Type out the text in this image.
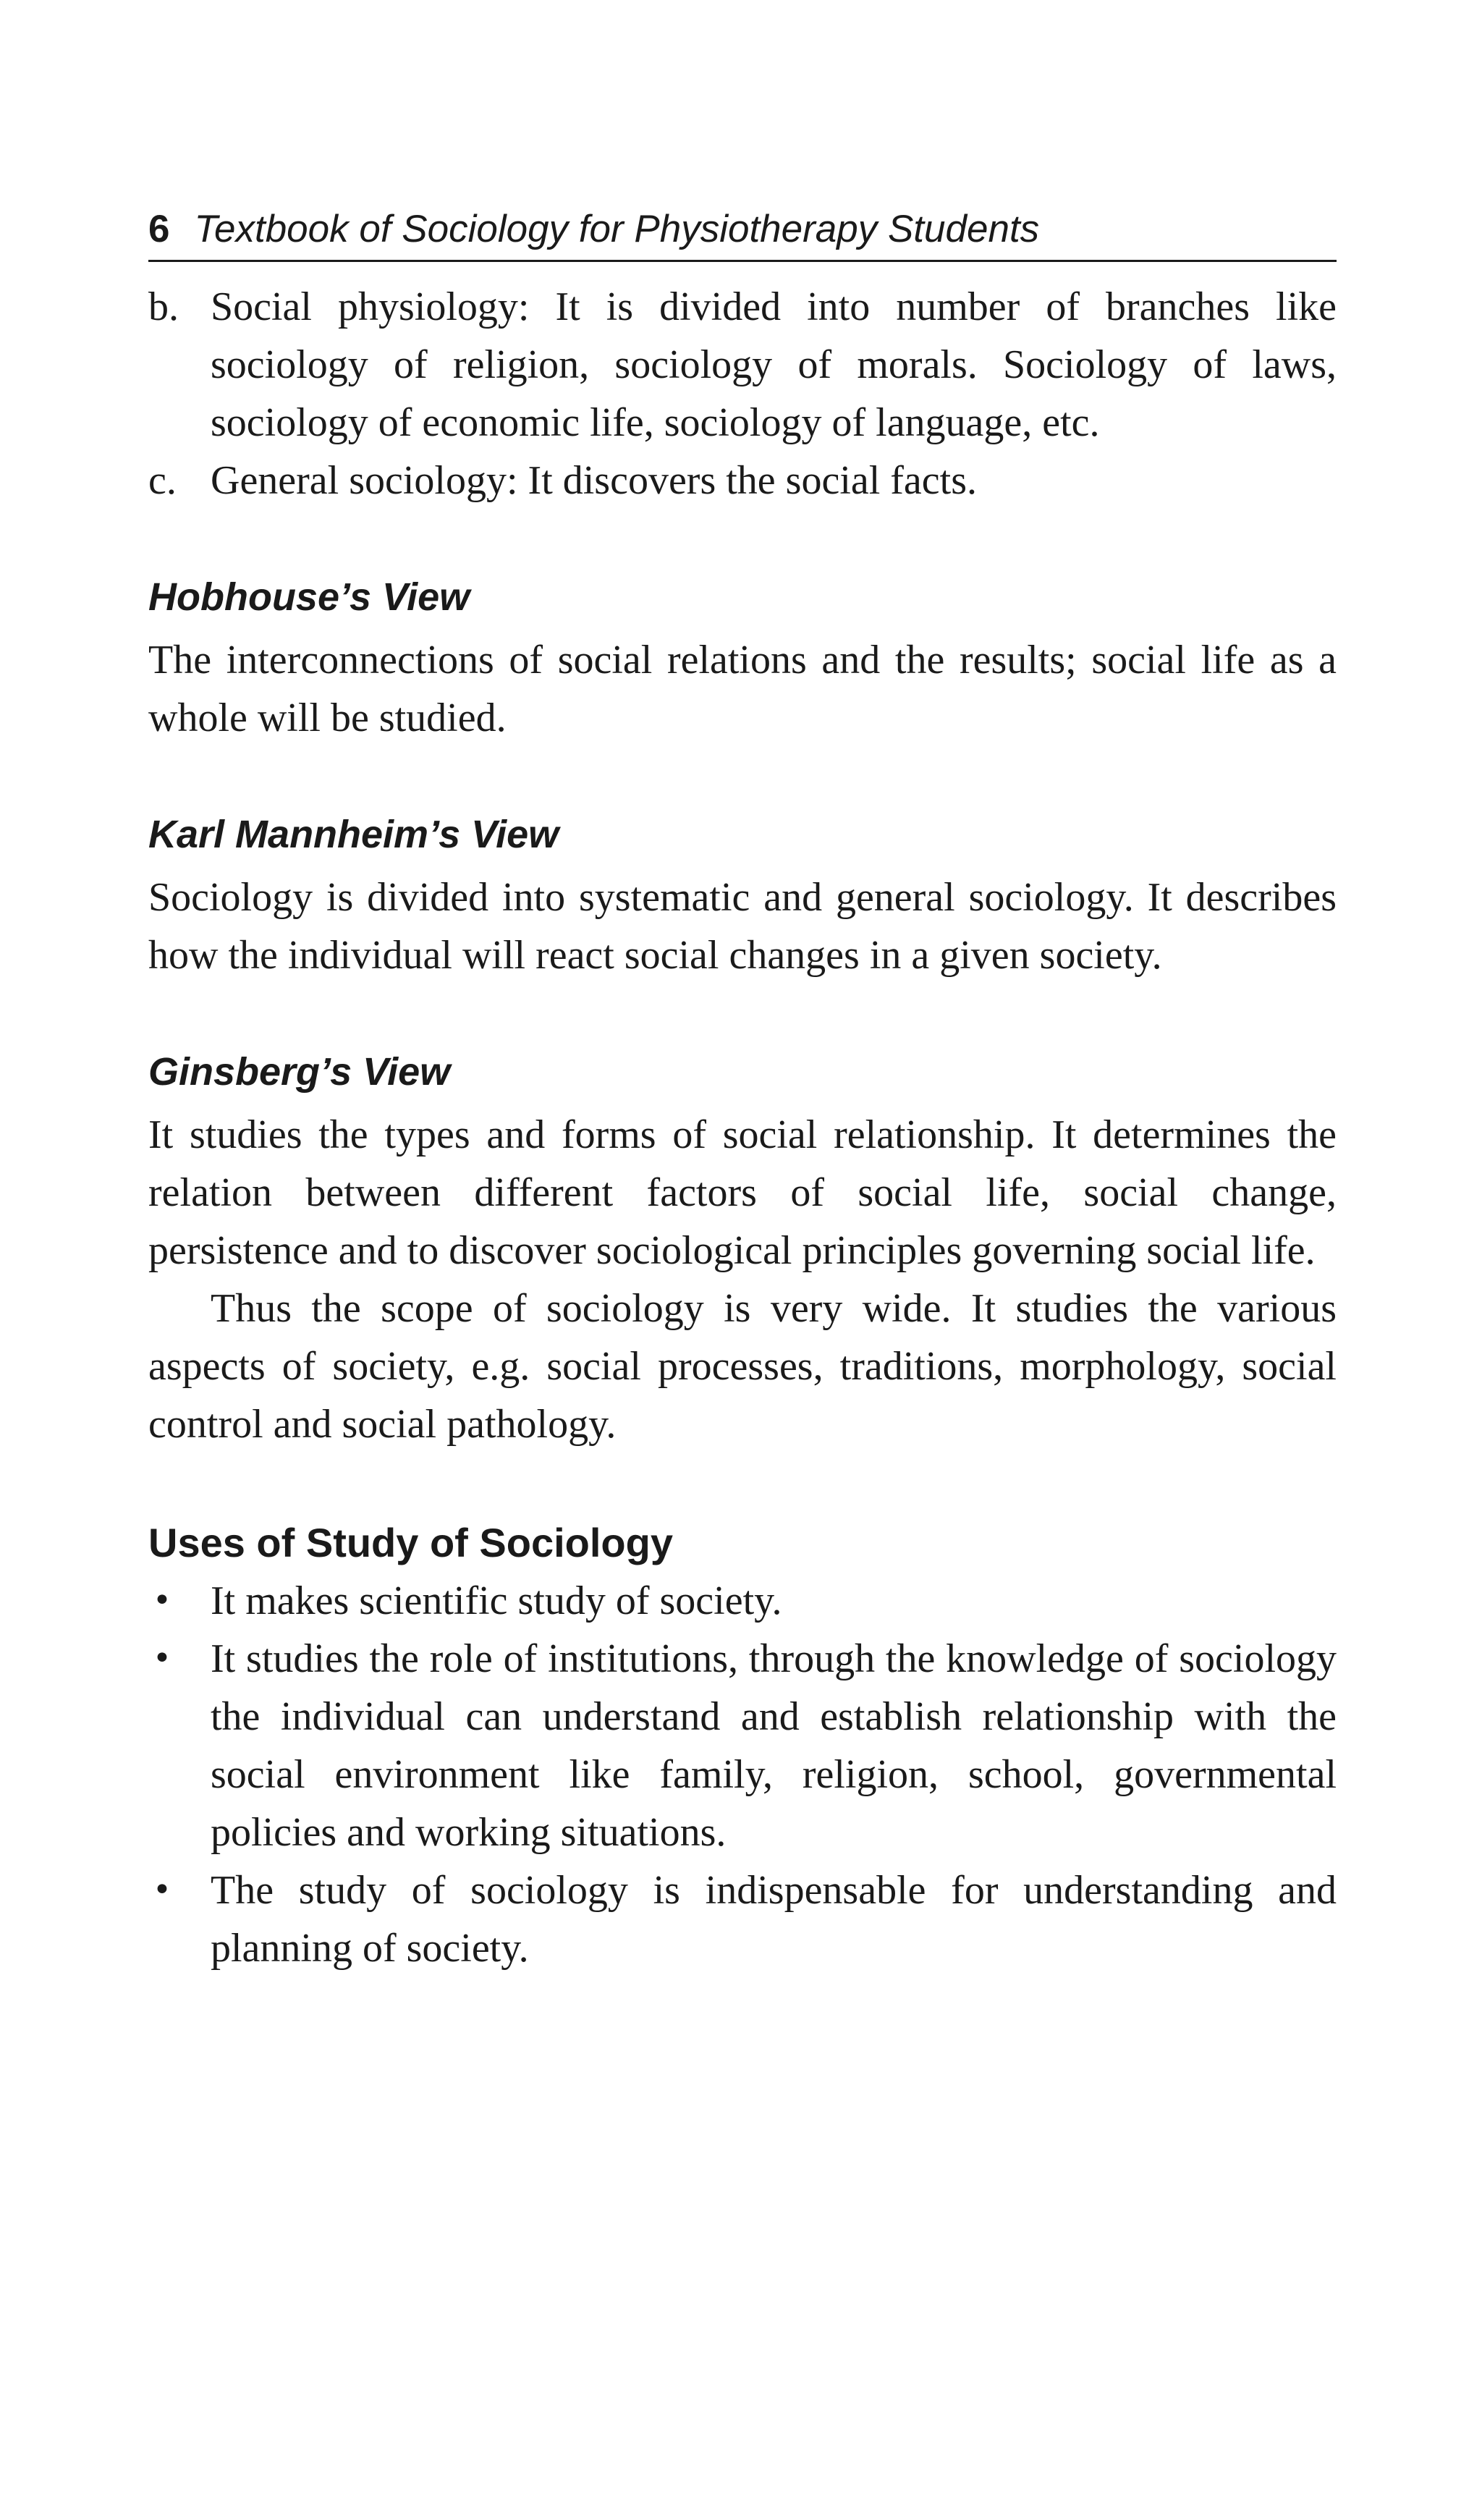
6 Textbook of Sociology for Physiotherapy Students
b. Social physiology: It is divided into number of branches like sociology of religion, sociology of morals. Sociology of laws, sociology of economic life, sociology of language, etc.
c. General sociology: It discovers the social facts.
Hobhouse’s View

The interconnections of social relations and the results; social life as a whole will be studied.

Karl Mannheim’s View

Sociology is divided into systematic and general sociology. It describes how the individual will react social changes in a given society.

Ginsberg’s View

It studies the types and forms of social relationship. It determines the relation between different factors of social life, social change, persistence and to discover sociological principles governing social life.

Thus the scope of sociology is very wide. It studies the various aspects of society, e.g. social processes, traditions, morphology, social control and social pathology.

Uses of Study of Sociology
• It makes scientific study of society.
• It studies the role of institutions, through the knowledge of sociology the individual can understand and establish relationship with the social environment like family, religion, school, governmental policies and working situations.
• The study of sociology is indispensable for understanding and planning of society.
